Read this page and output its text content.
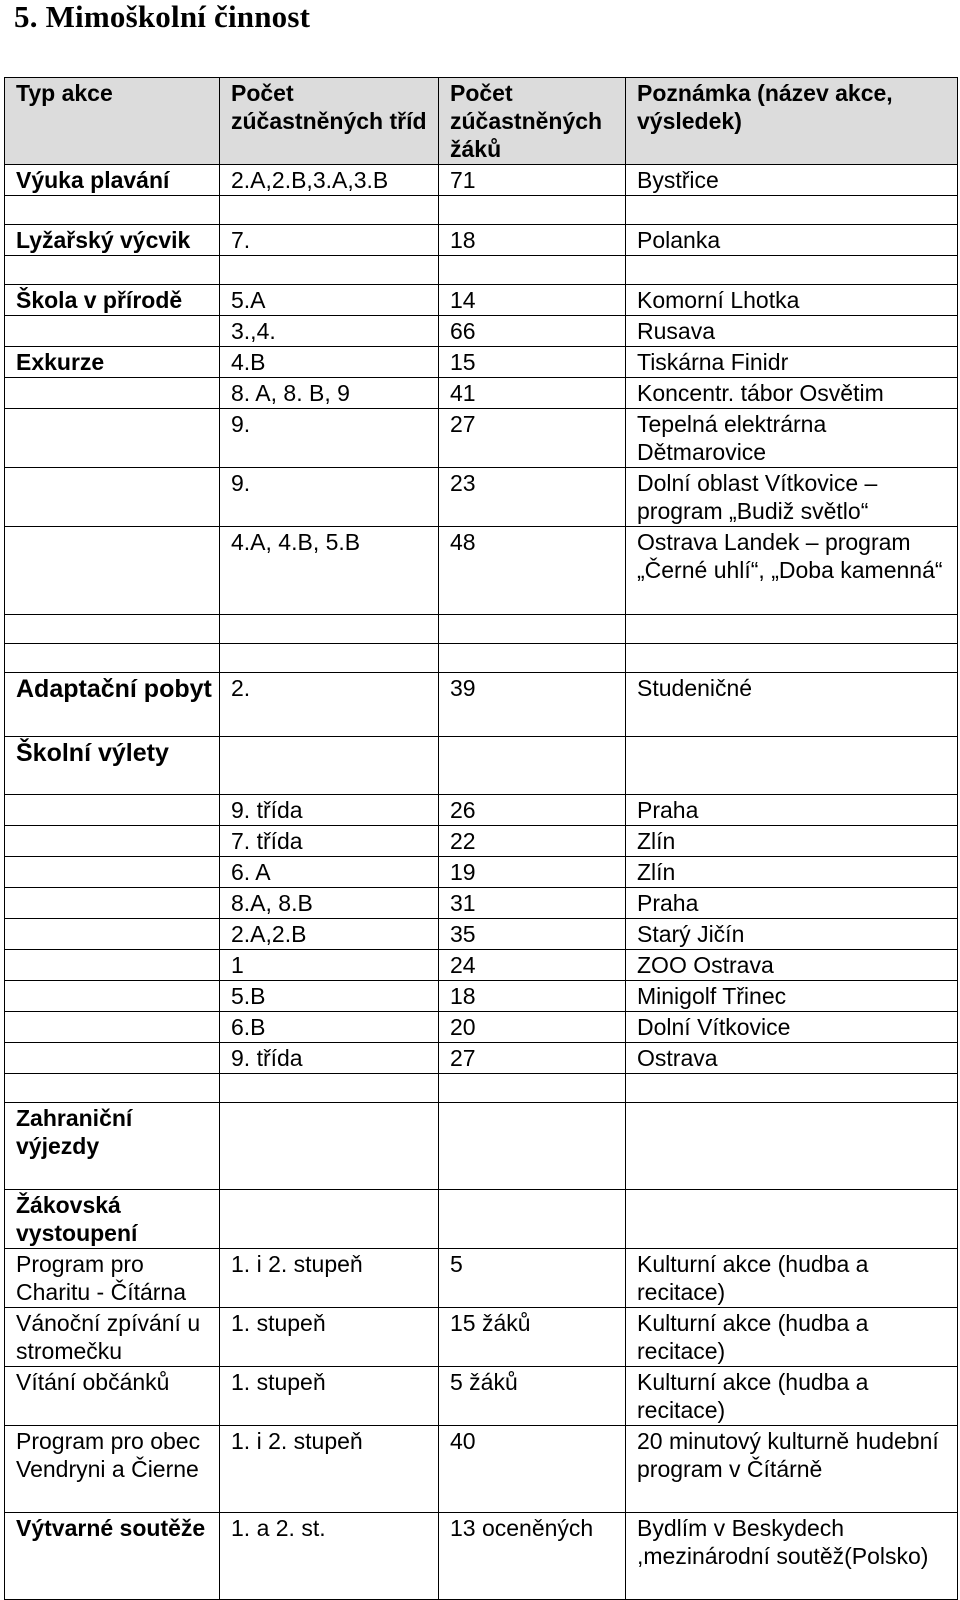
5. Mimoškolní činnost
Typ akce	Počet zúčastněných tříd	Počet zúčastněných žáků	Poznámka (název akce, výsledek)
Výuka plavání	2.A,2.B,3.A,3.B	71	Bystřice

Lyžařský výcvik	7.	18	Polanka

Škola v přírodě	5.A	14	Komorní Lhotka
	3.,4.	66	Rusava
Exkurze	4.B	15	Tiskárna Finidr
	8. A, 8. B, 9	41	Koncentr. tábor Osvětim
	9.	27	Tepelná elektrárna Dětmarovice
	9.	23	Dolní oblast Vítkovice – program „Budiž světlo“
	4.A, 4.B, 5.B	48	Ostrava Landek – program „Černé uhlí“, „Doba kamenná“

Adaptační pobyt	2.	39	Studeničné
Školní výlety			
	9. třída	26	Praha
	7. třída	22	Zlín
	6. A	19	Zlín
	8.A, 8.B	31	Praha
	2.A,2.B	35	Starý Jičín
	1	24	ZOO Ostrava
	5.B	18	Minigolf Třinec
	6.B	20	Dolní Vítkovice
	9. třída	27	Ostrava

Zahraniční výjezdy			
Žákovská vystoupení			
Program pro Charitu - Čítárna	1. i 2. stupeň	5	Kulturní akce (hudba a recitace)
Vánoční zpívání u stromečku	1. stupeň	15 žáků	Kulturní akce (hudba a recitace)
Vítání občánků	1. stupeň	5 žáků	Kulturní akce (hudba a recitace)
Program pro obec Vendryni a Čierne	1. i 2. stupeň	40	20 minutový kulturně hudební program v Čítárně
Výtvarné soutěže	1. a 2. st.	13 oceněných	Bydlím v Beskydech ,mezinárodní soutěž(Polsko)
